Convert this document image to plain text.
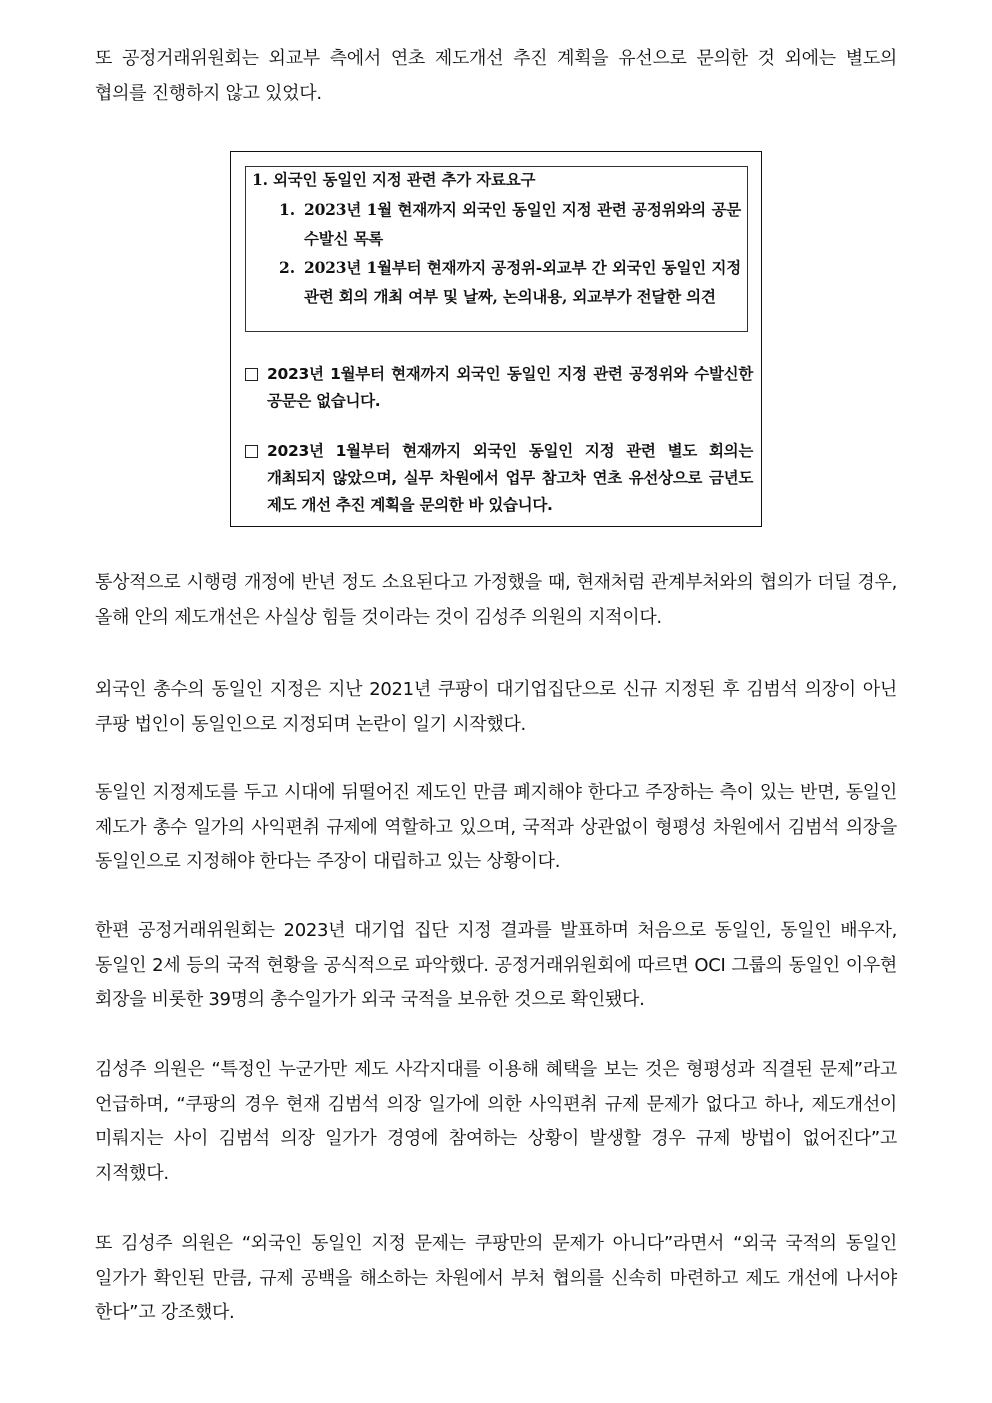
또 공정거래위원회는 외교부 측에서 연초 제도개선 추진 계획을 유선으로 문의한 것 외에는 별도의 협의를 진행하지 않고 있었다.

1. 외국인 동일인 지정 관련 추가 자료요구
1. 2023년 1월 현재까지 외국인 동일인 지정 관련 공정위와의 공문 수발신 목록
2. 2023년 1월부터 현재까지 공정위-외교부 간 외국인 동일인 지정 관련 회의 개최 여부 및 날짜, 논의내용, 외교부가 전달한 의견
2023년 1월부터 현재까지 외국인 동일인 지정 관련 공정위와 수발신한 공문은 없습니다.
2023년 1월부터 현재까지 외국인 동일인 지정 관련 별도 회의는 개최되지 않았으며, 실무 차원에서 업무 참고차 연초 유선상으로 금년도 제도 개선 추진 계획을 문의한 바 있습니다.

통상적으로 시행령 개정에 반년 정도 소요된다고 가정했을 때, 현재처럼 관계부처와의 협의가 더딜 경우, 올해 안의 제도개선은 사실상 힘들 것이라는 것이 김성주 의원의 지적이다.

외국인 총수의 동일인 지정은 지난 2021년 쿠팡이 대기업집단으로 신규 지정된 후 김범석 의장이 아닌 쿠팡 법인이 동일인으로 지정되며 논란이 일기 시작했다.

동일인 지정제도를 두고 시대에 뒤떨어진 제도인 만큼 폐지해야 한다고 주장하는 측이 있는 반면, 동일인 제도가 총수 일가의 사익편취 규제에 역할하고 있으며, 국적과 상관없이 형평성 차원에서 김범석 의장을 동일인으로 지정해야 한다는 주장이 대립하고 있는 상황이다.

한편 공정거래위원회는 2023년 대기업 집단 지정 결과를 발표하며 처음으로 동일인, 동일인 배우자, 동일인 2세 등의 국적 현황을 공식적으로 파악했다. 공정거래위원회에 따르면 OCI 그룹의 동일인 이우현 회장을 비롯한 39명의 총수일가가 외국 국적을 보유한 것으로 확인됐다.

김성주 의원은 “특정인 누군가만 제도 사각지대를 이용해 혜택을 보는 것은 형평성과 직결된 문제”라고 언급하며, “쿠팡의 경우 현재 김범석 의장 일가에 의한 사익편취 규제 문제가 없다고 하나, 제도개선이 미뤄지는 사이 김범석 의장 일가가 경영에 참여하는 상황이 발생할 경우 규제 방법이 없어진다”고 지적했다.

또 김성주 의원은 “외국인 동일인 지정 문제는 쿠팡만의 문제가 아니다”라면서 “외국 국적의 동일인 일가가 확인된 만큼, 규제 공백을 해소하는 차원에서 부처 협의를 신속히 마련하고 제도 개선에 나서야 한다”고 강조했다.
